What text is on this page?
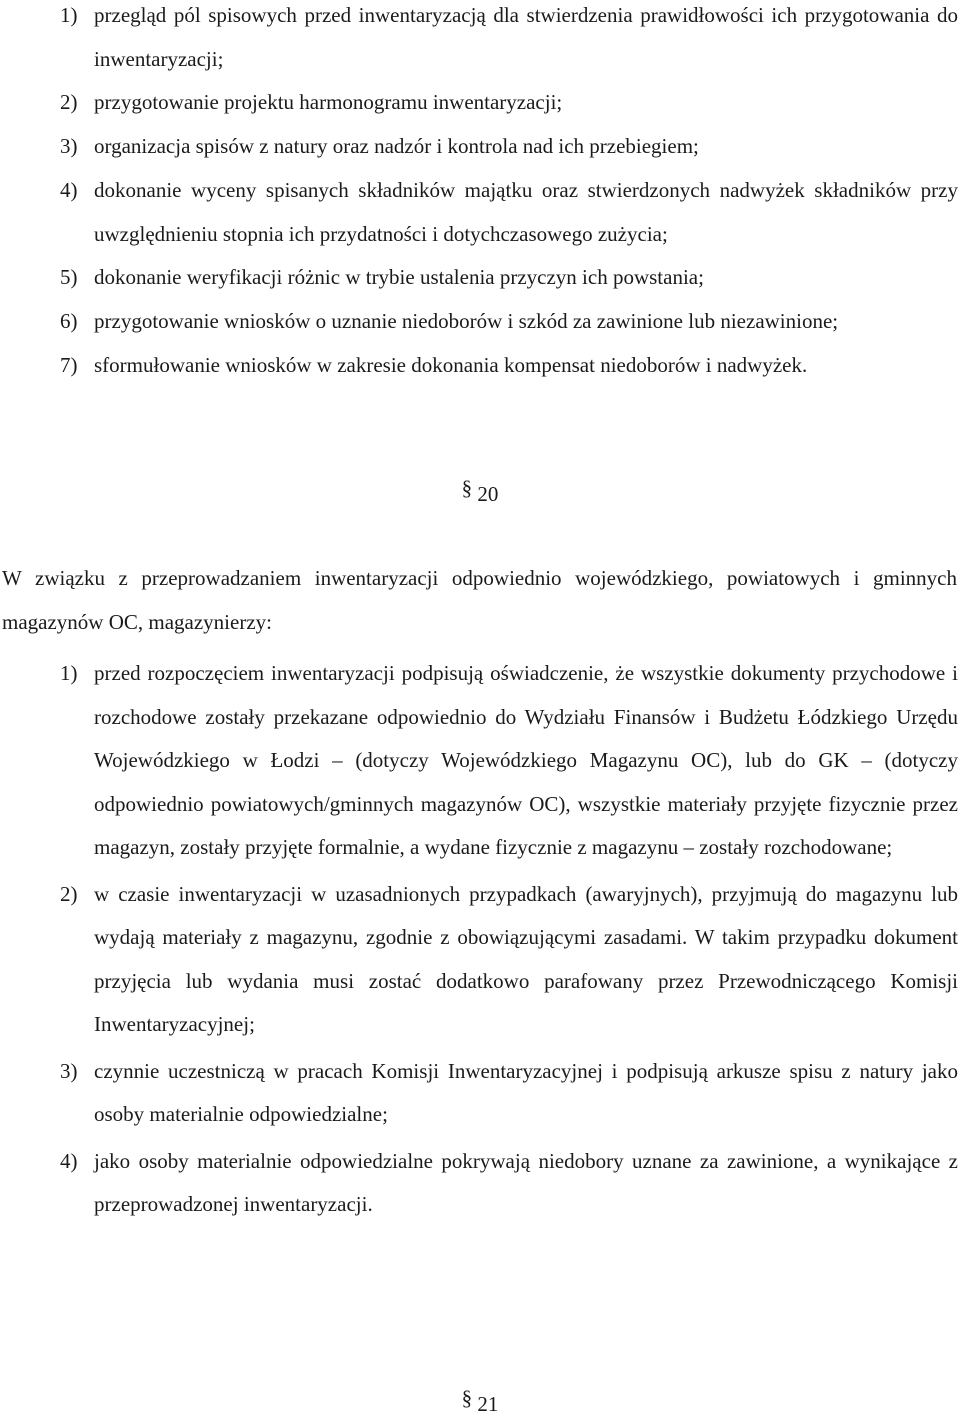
1) przegląd pól spisowych przed inwentaryzacją dla stwierdzenia prawidłowości ich przygotowania do inwentaryzacji;
2) przygotowanie projektu harmonogramu inwentaryzacji;
3) organizacja spisów z natury oraz nadzór i kontrola nad ich przebiegiem;
4) dokonanie wyceny spisanych składników majątku oraz stwierdzonych nadwyżek składników przy uwzględnieniu stopnia ich przydatności i dotychczasowego zużycia;
5) dokonanie weryfikacji różnic w trybie ustalenia przyczyn ich powstania;
6) przygotowanie wniosków o uznanie niedoborów i szkód za zawinione lub niezawinione;
7) sformułowanie wniosków w zakresie dokonania kompensat niedoborów i nadwyżek.
§ 20

W związku z przeprowadzaniem inwentaryzacji odpowiednio wojewódzkiego, powiatowych i gminnych magazynów OC, magazynierzy:

1) przed rozpoczęciem inwentaryzacji podpisują oświadczenie, że wszystkie dokumenty przychodowe i rozchodowe zostały przekazane odpowiednio do Wydziału Finansów i Budżetu Łódzkiego Urzędu Wojewódzkiego w Łodzi – (dotyczy Wojewódzkiego Magazynu OC), lub do GK – (dotyczy odpowiednio powiatowych/gminnych magazynów OC), wszystkie materiały przyjęte fizycznie przez magazyn, zostały przyjęte formalnie, a wydane fizycznie z magazynu – zostały rozchodowane;
2) w czasie inwentaryzacji w uzasadnionych przypadkach (awaryjnych), przyjmują do magazynu lub wydają materiały z magazynu, zgodnie z obowiązującymi zasadami. W takim przypadku dokument przyjęcia lub wydania musi zostać dodatkowo parafowany przez Przewodniczącego Komisji Inwentaryzacyjnej;
3) czynnie uczestniczą w pracach Komisji Inwentaryzacyjnej i podpisują arkusze spisu z natury jako osoby materialnie odpowiedzialne;
4) jako osoby materialnie odpowiedzialne pokrywają niedobory uznane za zawinione, a wynikające z przeprowadzonej inwentaryzacji.
§ 21
